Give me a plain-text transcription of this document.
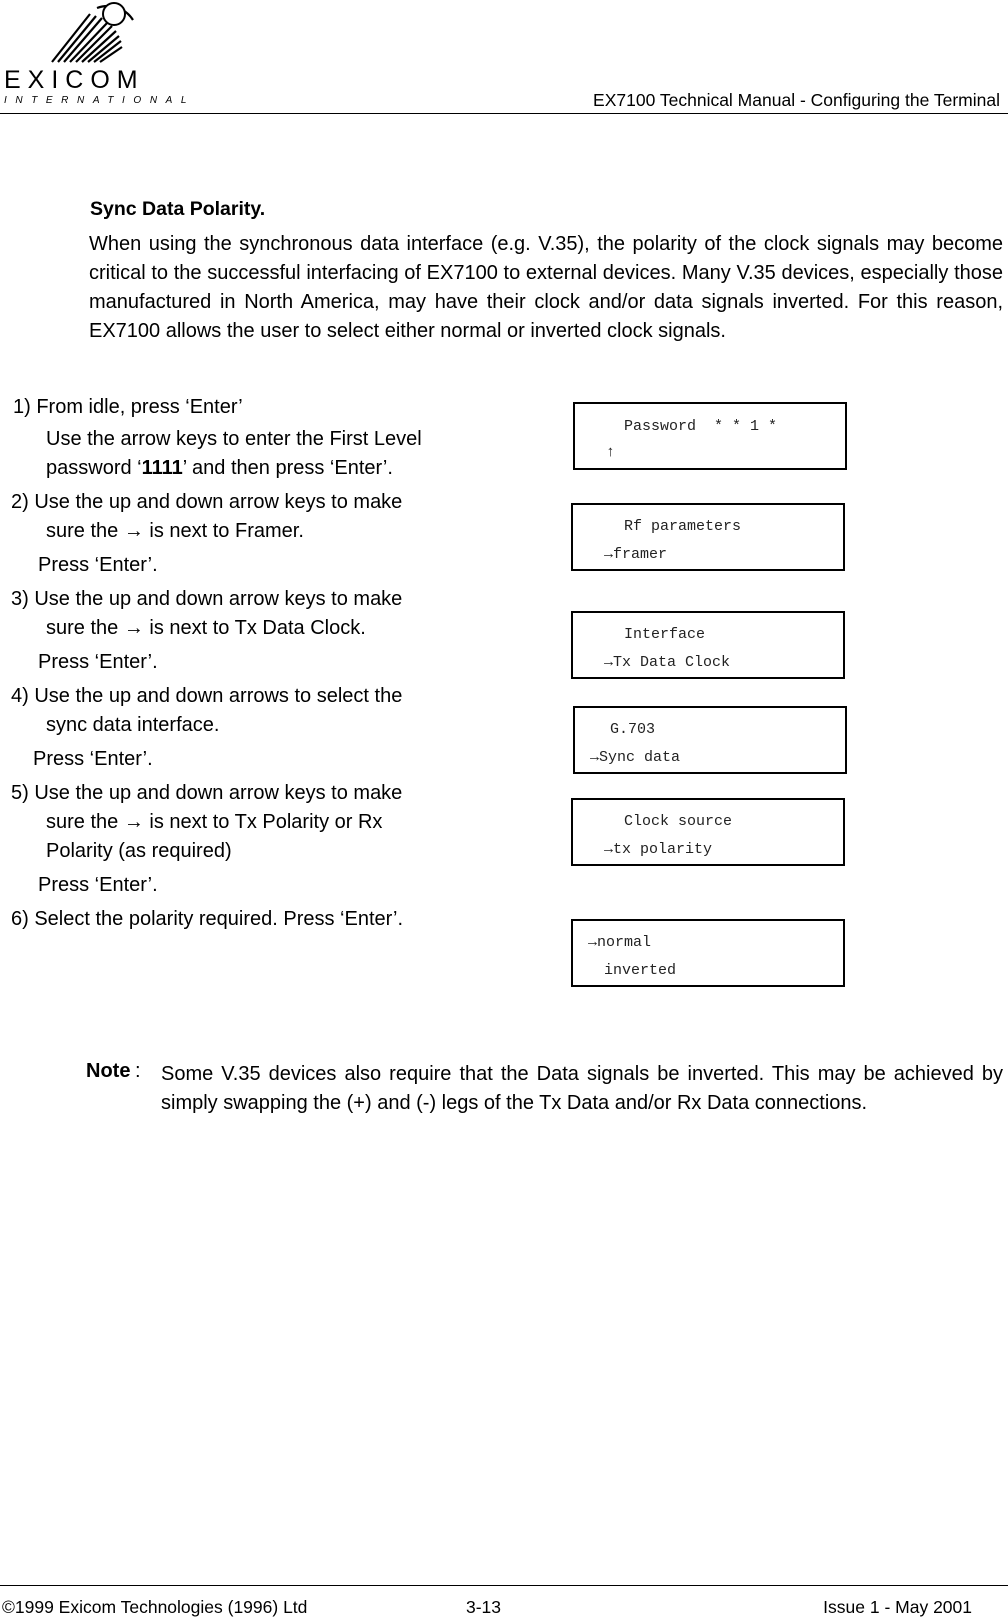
EXICOM
INTERNATIONAL	EX7100 Technical Manual - Configuring the Terminal
Sync Data Polarity.
When using the synchronous data interface (e.g. V.35), the polarity of the clock signals may become critical to the successful interfacing of EX7100 to external devices. Many V.35 devices, especially those manufactured in North America, may have their clock and/or data signals inverted. For this reason, EX7100 allows the user to select either normal or inverted clock signals.
1) From idle, press ‘Enter’
Use the arrow keys to enter the First Level
password ‘1111’ and then press ‘Enter’.
2) Use the up and down arrow keys to make
sure the → is next to Framer.
Press ‘Enter’.
3) Use the up and down arrow keys to make
sure the → is next to Tx Data Clock.
Press ‘Enter’.
4) Use the up and down arrows to select the
sync data interface.
Press ‘Enter’.
5) Use the up and down arrow keys to make
sure the → is next to Tx Polarity or Rx
Polarity (as required)
Press ‘Enter’.
6) Select the polarity required. Press ‘Enter’.
Password  * * 1 *
↑
Rf parameters
→framer
Interface
→Tx Data Clock
G.703
→Sync data
Clock source
→tx polarity
→normal
inverted
Note : Some V.35 devices also require that the Data signals be inverted. This may be achieved by simply swapping the (+) and (-) legs of the Tx Data and/or Rx Data connections.
©1999 Exicom Technologies (1996) Ltd	3-13	Issue 1 - May 2001
